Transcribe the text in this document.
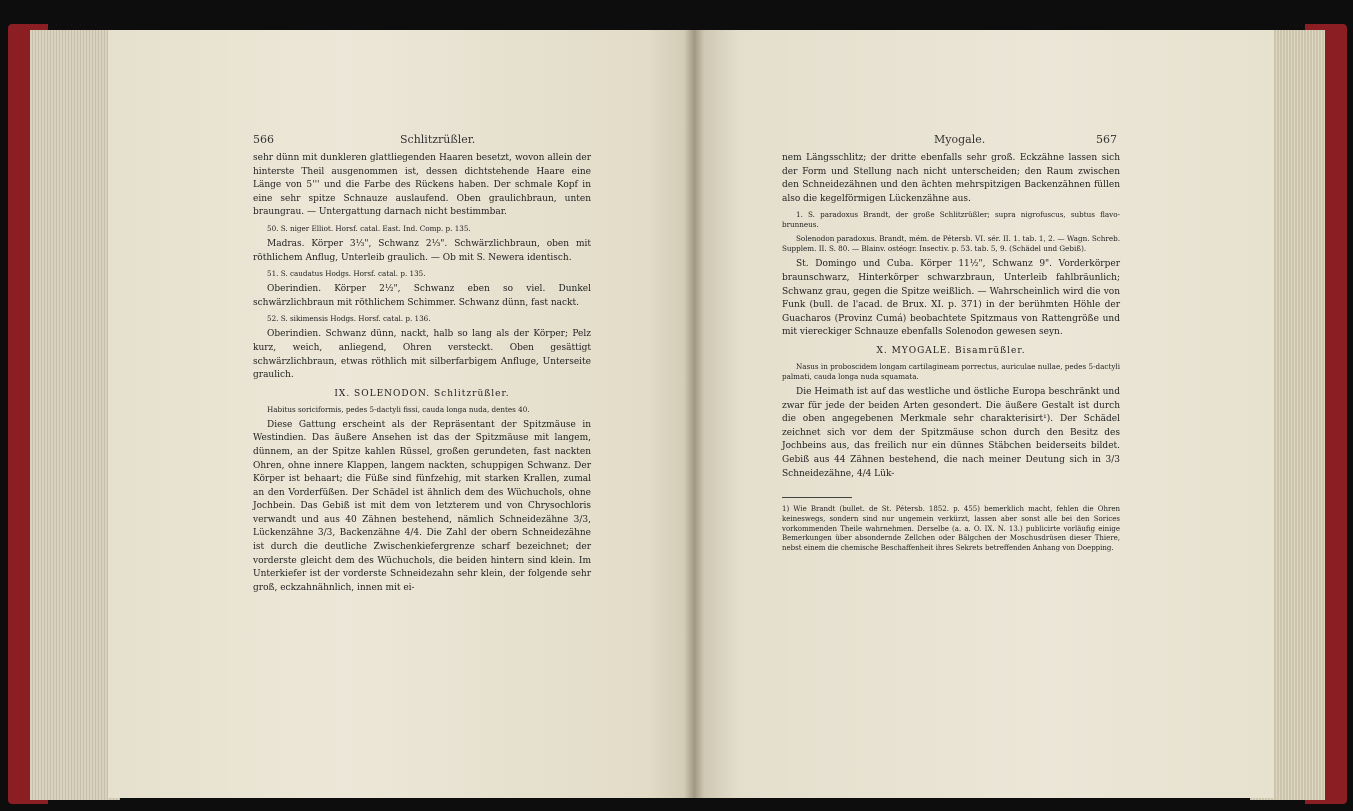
566	Schlitzrüßler.

sehr dünn mit dunkleren glattliegenden Haaren besetzt, wovon allein der hinterste Theil ausgenommen ist, dessen dichtstehende Haare eine Länge von 5''' und die Farbe des Rückens haben. Der schmale Kopf in eine sehr spitze Schnauze auslaufend. Oben graulichbraun, unten braungrau. — Untergattung darnach nicht bestimmbar.

50. S. niger Elliot. Horsf. catal. East. Ind. Comp. p. 135.

Madras. Körper 3⅓", Schwanz 2⅓". Schwärzlichbraun, oben mit röthlichem Anflug, Unterleib graulich. — Ob mit S. Newera identisch.

51. S. caudatus Hodgs. Horsf. catal. p. 135.

Oberindien. Körper 2½", Schwanz eben so viel. Dunkel schwärzlichbraun mit röthlichem Schimmer. Schwanz dünn, fast nackt.

52. S. sikimensis Hodgs. Horsf. catal. p. 136.

Oberindien. Schwanz dünn, nackt, halb so lang als der Körper; Pelz kurz, weich, anliegend, Ohren versteckt. Oben gesättigt schwärzlichbraun, etwas röthlich mit silberfarbigem Anfluge, Unterseite graulich.

IX. SOLENODON. Schlitzrüßler.

Habitus soriciformis, pedes 5-dactyli fissi, cauda longa nuda, dentes 40.

Diese Gattung erscheint als der Repräsentant der Spitzmäuse in Westindien. Das äußere Ansehen ist das der Spitzmäuse mit langem, dünnem, an der Spitze kahlen Rüssel, großen gerundeten, fast nackten Ohren, ohne innere Klappen, langem nackten, schuppigen Schwanz. Der Körper ist behaart; die Füße sind fünfzehig, mit starken Krallen, zumal an den Vorderfüßen. Der Schädel ist ähnlich dem des Wüchuchols, ohne Jochbein. Das Gebiß ist mit dem von letzterem und von Chrysochloris verwandt und aus 40 Zähnen bestehend, nämlich Schneidezähne 3/3, Lückenzähne 3/3, Backenzähne 4/4. Die Zahl der obern Schneidezähne ist durch die deutliche Zwischenkiefergrenze scharf bezeichnet; der vorderste gleicht dem des Wüchuchols, die beiden hintern sind klein. Im Unterkiefer ist der vorderste Schneidezahn sehr klein, der folgende sehr groß, eckzahnähnlich, innen mit ei-

Myogale.	567

nem Längsschlitz; der dritte ebenfalls sehr groß. Eckzähne lassen sich der Form und Stellung nach nicht unterscheiden; den Raum zwischen den Schneidezähnen und den ächten mehrspitzigen Backenzähnen füllen also die kegelförmigen Lückenzähne aus.

1. S. paradoxus Brandt, der große Schlitzrüßler; supra nigrofuscus, subtus flavo-brunneus.

Solenodon paradoxus. Brandt, mém. de Pétersb. VI. sér. II. 1. tab. 1, 2. — Wagn. Schreb. Supplem. II. S. 80. — Blainv. ostéogr. Insectiv. p. 53. tab. 5, 9. (Schädel und Gebiß).

St. Domingo und Cuba. Körper 11½", Schwanz 9". Vorderkörper braunschwarz, Hinterkörper schwarzbraun, Unterleib fahlbräunlich; Schwanz grau, gegen die Spitze weißlich. — Wahrscheinlich wird die von Funk (bull. de l'acad. de Brux. XI. p. 371) in der berühmten Höhle der Guacharos (Provinz Cumá) beobachtete Spitzmaus von Rattengröße und mit viereckiger Schnauze ebenfalls Solenodon gewesen seyn.

X. MYOGALE. Bisamrüßler.

Nasus in proboscidem longam cartilagineam porrectus, auriculae nullae, pedes 5-dactyli palmati, cauda longa nuda squamata.

Die Heimath ist auf das westliche und östliche Europa beschränkt und zwar für jede der beiden Arten gesondert. Die äußere Gestalt ist durch die oben angegebenen Merkmale sehr charakterisirt¹). Der Schädel zeichnet sich vor dem der Spitzmäuse schon durch den Besitz des Jochbeins aus, das freilich nur ein dünnes Stäbchen beiderseits bildet. Gebiß aus 44 Zähnen bestehend, die nach meiner Deutung sich in 3/3 Schneidezähne, 4/4 Lük-

1) Wie Brandt (bullet. de St. Pétersb. 1852. p. 455) bemerklich macht, fehlen die Ohren keineswegs, sondern sind nur ungemein verkürzt, lassen aber sonst alle bei den Sorices vorkommenden Theile wahrnehmen. Derselbe (a. a. O. IX. N. 13.) publicirte vorläufig einige Bemerkungen über absondernde Zellchen oder Bälgchen der Moschusdrüsen dieser Thiere, nebst einem die chemische Beschaffenheit ihres Sekrets betreffenden Anhang von Doepping.
